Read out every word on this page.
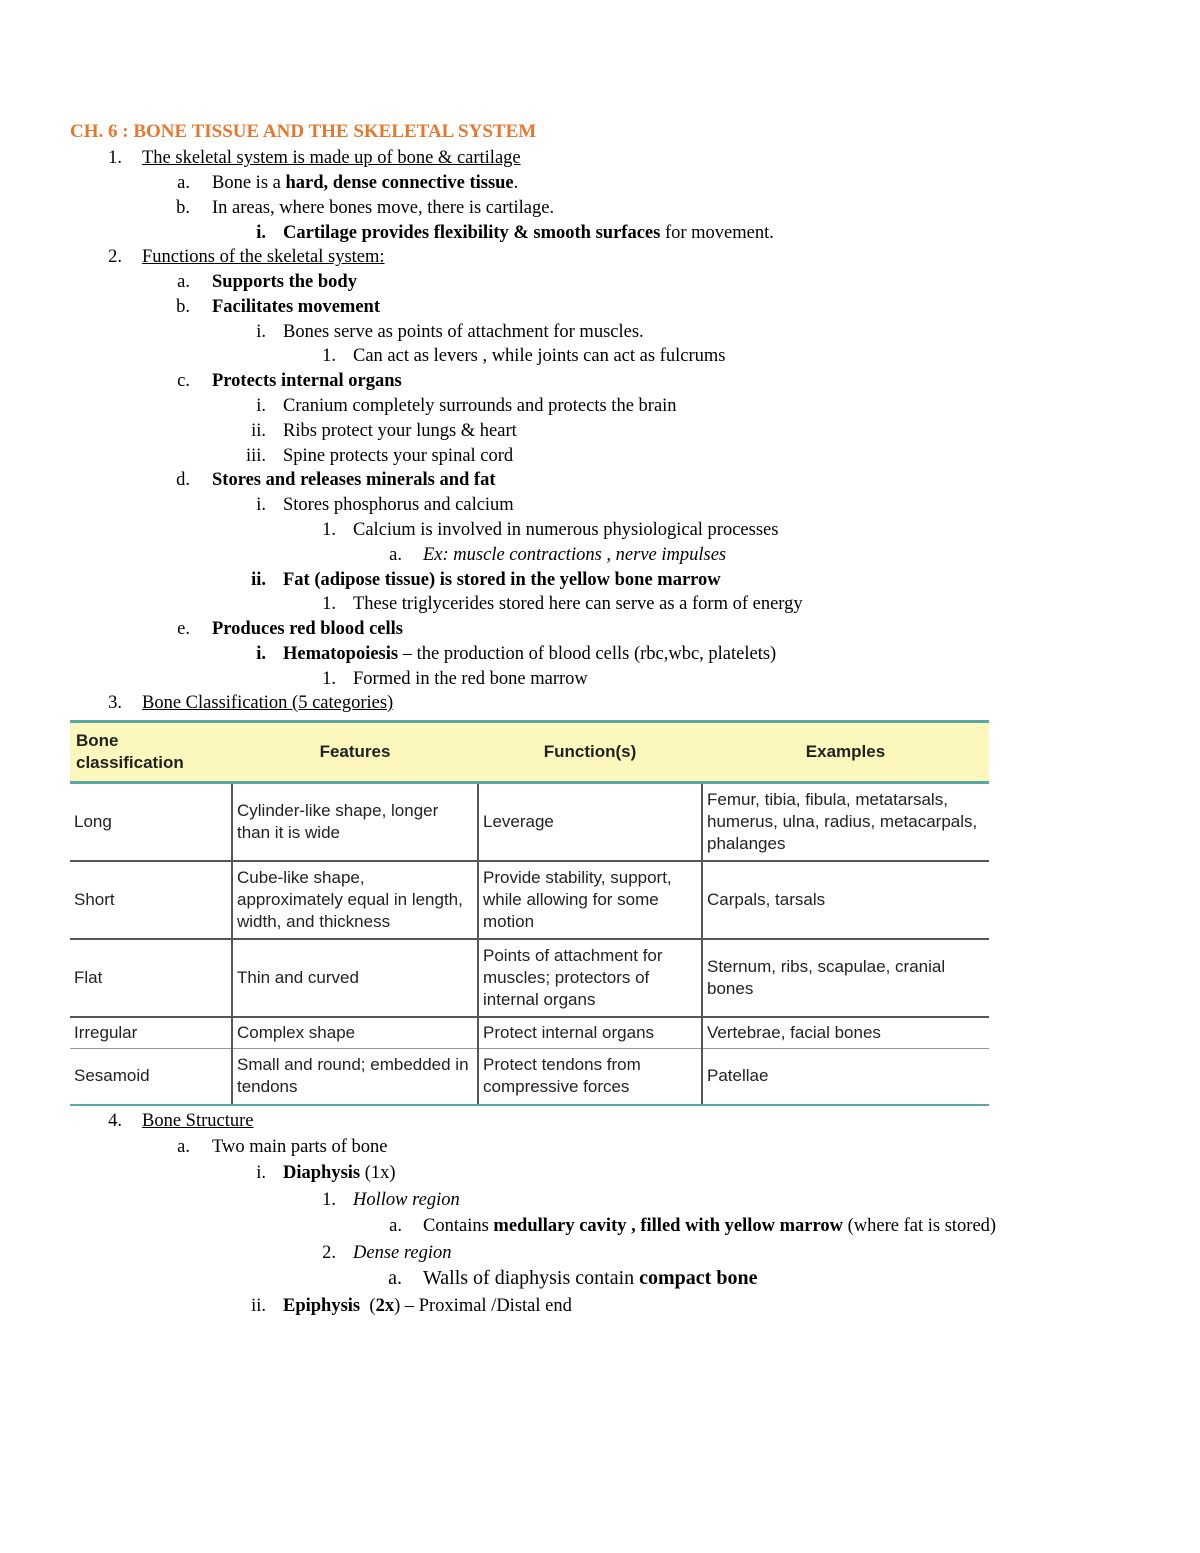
CH. 6 : BONE TISSUE AND THE SKELETAL SYSTEM
1. The skeletal system is made up of bone & cartilage
a. Bone is a hard, dense connective tissue.
b. In areas, where bones move, there is cartilage.
i. Cartilage provides flexibility & smooth surfaces for movement.
2. Functions of the skeletal system:
a. Supports the body
b. Facilitates movement
i. Bones serve as points of attachment for muscles.
1. Can act as levers , while joints can act as fulcrums
c. Protects internal organs
i. Cranium completely surrounds and protects the brain
ii. Ribs protect your lungs & heart
iii. Spine protects your spinal cord
d. Stores and releases minerals and fat
i. Stores phosphorus and calcium
1. Calcium is involved in numerous physiological processes
a. Ex: muscle contractions , nerve impulses
ii. Fat (adipose tissue) is stored in the yellow bone marrow
1. These triglycerides stored here can serve as a form of energy
e. Produces red blood cells
i. Hematopoiesis – the production of blood cells (rbc,wbc, platelets)
1. Formed in the red bone marrow
3. Bone Classification (5 categories)
Bone classification	Features	Function(s)	Examples
Long	Cylinder-like shape, longer than it is wide	Leverage	Femur, tibia, fibula, metatarsals, humerus, ulna, radius, metacarpals, phalanges
Short	Cube-like shape, approximately equal in length, width, and thickness	Provide stability, support, while allowing for some motion	Carpals, tarsals
Flat	Thin and curved	Points of attachment for muscles; protectors of internal organs	Sternum, ribs, scapulae, cranial bones
Irregular	Complex shape	Protect internal organs	Vertebrae, facial bones
Sesamoid	Small and round; embedded in tendons	Protect tendons from compressive forces	Patellae
4. Bone Structure
a. Two main parts of bone
i. Diaphysis (1x)
1. Hollow region
a. Contains medullary cavity , filled with yellow marrow (where fat is stored)
2. Dense region
a. Walls of diaphysis contain compact bone
ii. Epiphysis  (2x) – Proximal /Distal end
